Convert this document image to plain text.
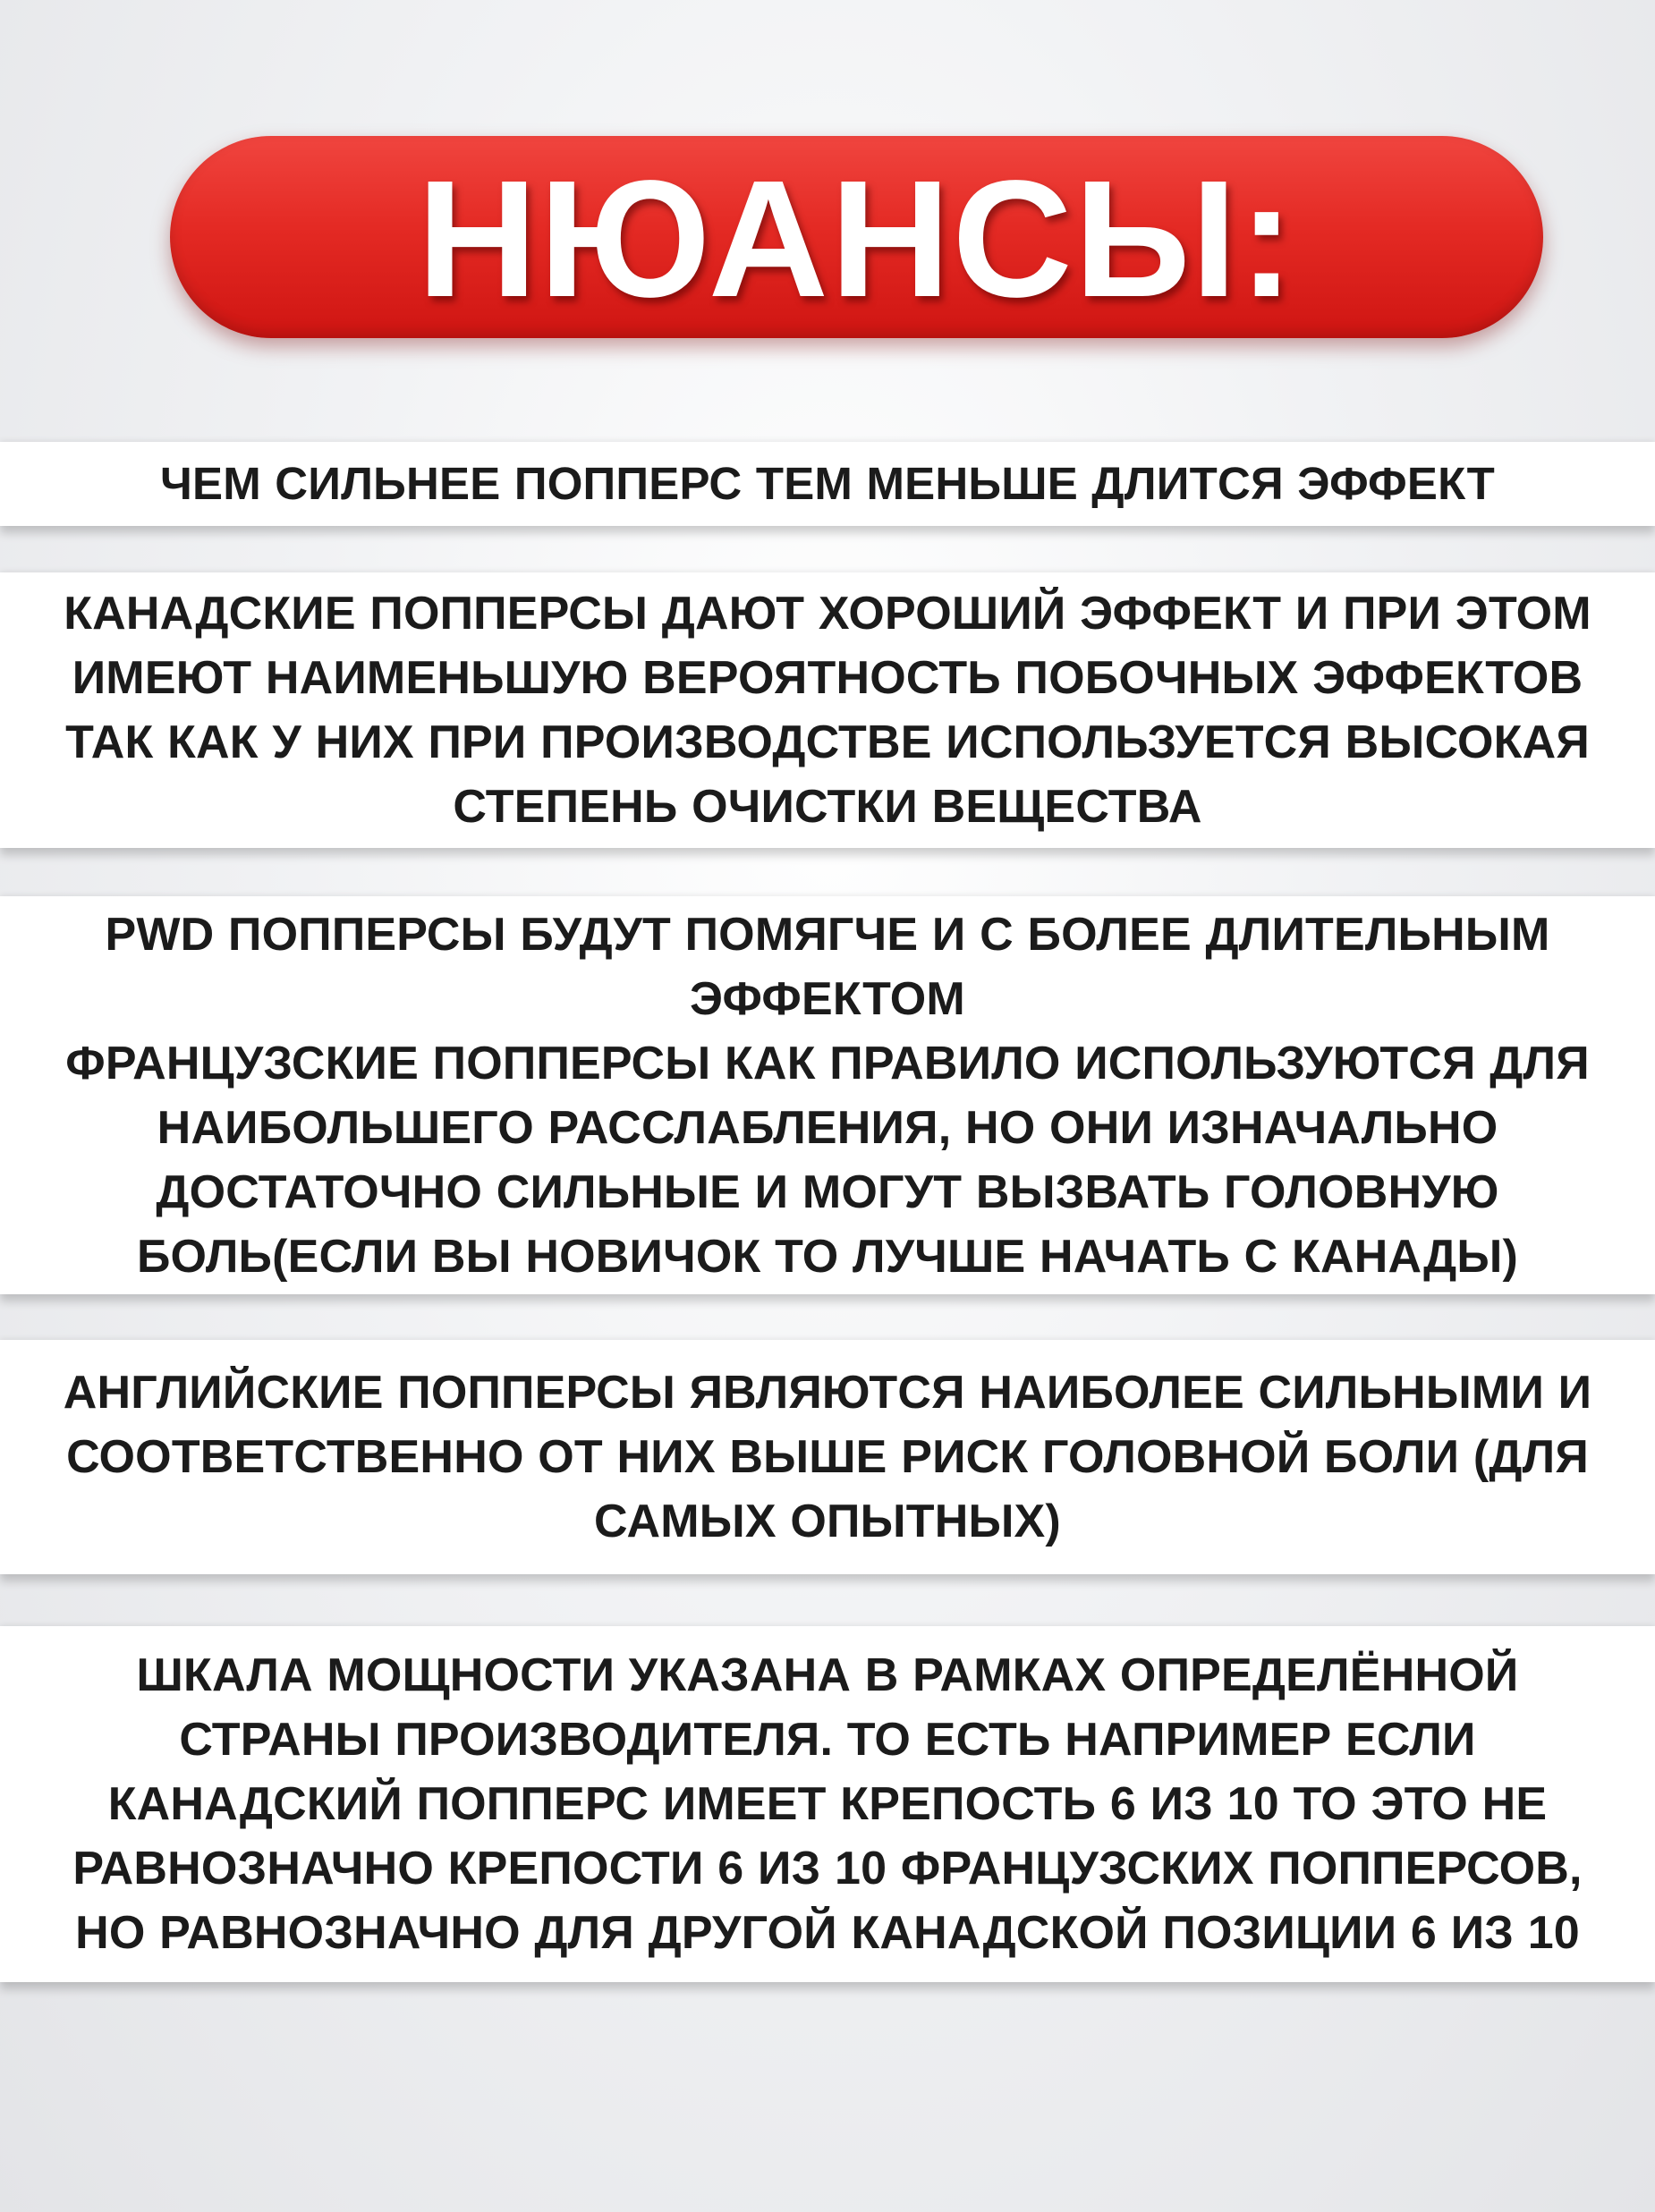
НЮАНСЫ:
ЧЕМ СИЛЬНЕЕ ПОППЕРС ТЕМ МЕНЬШЕ ДЛИТСЯ ЭФФЕКТ
КАНАДСКИЕ ПОППЕРСЫ ДАЮТ ХОРОШИЙ ЭФФЕКТ И ПРИ ЭТОМ
ИМЕЮТ НАИМЕНЬШУЮ ВЕРОЯТНОСТЬ ПОБОЧНЫХ ЭФФЕКТОВ
ТАК КАК У НИХ ПРИ ПРОИЗВОДСТВЕ ИСПОЛЬЗУЕТСЯ ВЫСОКАЯ
СТЕПЕНЬ ОЧИСТКИ ВЕЩЕСТВА
PWD ПОППЕРСЫ БУДУТ ПОМЯГЧЕ И С БОЛЕЕ ДЛИТЕЛЬНЫМ
ЭФФЕКТОМ
ФРАНЦУЗСКИЕ ПОППЕРСЫ КАК ПРАВИЛО ИСПОЛЬЗУЮТСЯ ДЛЯ
НАИБОЛЬШЕГО РАССЛАБЛЕНИЯ, НО ОНИ ИЗНАЧАЛЬНО
ДОСТАТОЧНО СИЛЬНЫЕ И МОГУТ ВЫЗВАТЬ ГОЛОВНУЮ
БОЛЬ(ЕСЛИ ВЫ НОВИЧОК ТО ЛУЧШЕ НАЧАТЬ С КАНАДЫ)
АНГЛИЙСКИЕ ПОППЕРСЫ ЯВЛЯЮТСЯ НАИБОЛЕЕ СИЛЬНЫМИ И
СООТВЕТСТВЕННО ОТ НИХ ВЫШЕ РИСК ГОЛОВНОЙ БОЛИ (ДЛЯ
САМЫХ ОПЫТНЫХ)
ШКАЛА МОЩНОСТИ УКАЗАНА В РАМКАХ ОПРЕДЕЛЁННОЙ
СТРАНЫ ПРОИЗВОДИТЕЛЯ. ТО ЕСТЬ НАПРИМЕР ЕСЛИ
КАНАДСКИЙ ПОППЕРС ИМЕЕТ КРЕПОСТЬ 6 ИЗ 10 ТО ЭТО НЕ
РАВНОЗНАЧНО КРЕПОСТИ 6 ИЗ 10 ФРАНЦУЗСКИХ ПОППЕРСОВ,
НО РАВНОЗНАЧНО ДЛЯ ДРУГОЙ КАНАДСКОЙ ПОЗИЦИИ 6 ИЗ 10
